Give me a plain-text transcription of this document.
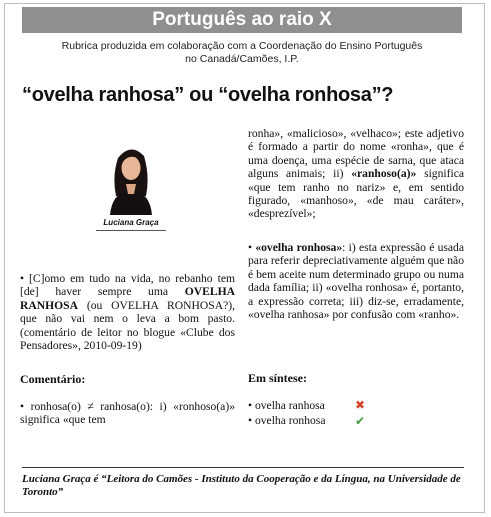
Português ao raio X
Rubrica produzida em colaboração com a Coordenação do Ensino Português
no Canadá/Camões, I.P.
“ovelha ranhosa” ou “ovelha ronhosa”?
Luciana Graça
• [C]omo em tudo na vida, no rebanho tem [de] haver sempre uma OVELHA RANHOSA (ou OVELHA RONHOSA?), que não vai nem o leva a bom pasto. (comentário de leitor no blogue «Clube dos Pensadores», 2010-09-19)
Comentário:
• ronhosa(o) ≠ ranhosa(o): i) «ronhoso(a)» significa «que tem
ronha», «malicioso», «velhaco»; este adjetivo é formado a partir do nome «ronha», que é uma doença, uma espécie de sarna, que ataca alguns animais; ii) «ranhoso(a)» significa «que tem ranho no nariz» e, em sentido figurado, «manhoso», «de mau caráter», «desprezível»;
• «ovelha ronhosa»: i) esta expressão é usada para referir depreciativamente alguém que não é bem aceite num determinado grupo ou numa dada família; ii) «ovelha ronhosa» é, portanto, a expressão correta; iii) diz-se, erradamente, «ovelha ranhosa» por confusão com «ranho».
Em síntese:
• ovelha ranhosa	✖
• ovelha ronhosa ✔
Luciana Graça é “Leitora do Camões - Instituto da Cooperação e da Língua, na Universidade de Toronto”
